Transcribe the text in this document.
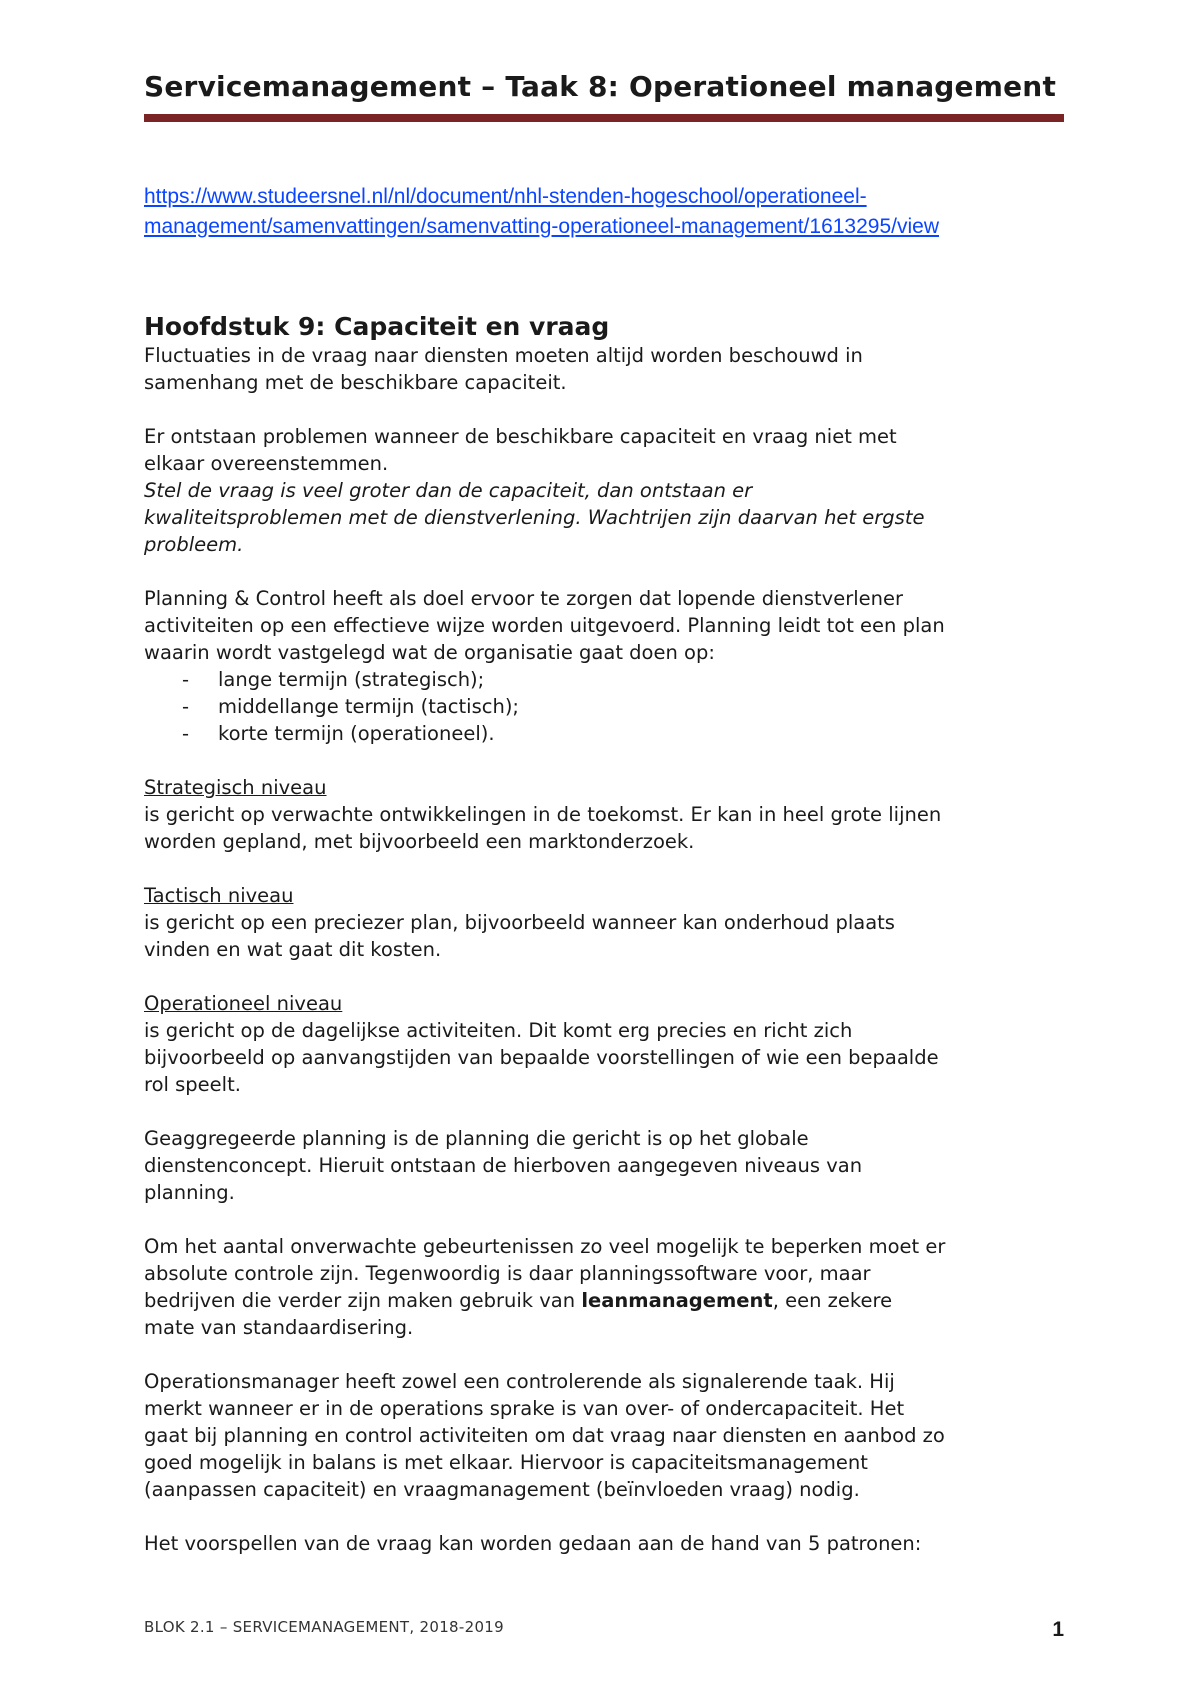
Servicemanagement – Taak 8: Operationeel management
https://www.studeersnel.nl/nl/document/nhl-stenden-hogeschool/operationeel-
management/samenvattingen/samenvatting-operationeel-management/1613295/view
Hoofdstuk 9: Capaciteit en vraag

Fluctuaties in de vraag naar diensten moeten altijd worden beschouwd in
samenhang met de beschikbare capaciteit.

Er ontstaan problemen wanneer de beschikbare capaciteit en vraag niet met
elkaar overeenstemmen.
Stel de vraag is veel groter dan de capaciteit, dan ontstaan er
kwaliteitsproblemen met de dienstverlening. Wachtrijen zijn daarvan het ergste
probleem.

Planning & Control heeft als doel ervoor te zorgen dat lopende dienstverlener
activiteiten op een effectieve wijze worden uitgevoerd. Planning leidt tot een plan
waarin wordt vastgelegd wat de organisatie gaat doen op:

- lange termijn (strategisch);
- middellange termijn (tactisch);
- korte termijn (operationeel).

Strategisch niveau
is gericht op verwachte ontwikkelingen in de toekomst. Er kan in heel grote lijnen
worden gepland, met bijvoorbeeld een marktonderzoek.

Tactisch niveau
is gericht op een preciezer plan, bijvoorbeeld wanneer kan onderhoud plaats
vinden en wat gaat dit kosten.

Operationeel niveau
is gericht op de dagelijkse activiteiten. Dit komt erg precies en richt zich
bijvoorbeeld op aanvangstijden van bepaalde voorstellingen of wie een bepaalde
rol speelt.

Geaggregeerde planning is de planning die gericht is op het globale
dienstenconcept. Hieruit ontstaan de hierboven aangegeven niveaus van
planning.

Om het aantal onverwachte gebeurtenissen zo veel mogelijk te beperken moet er
absolute controle zijn. Tegenwoordig is daar planningssoftware voor, maar
bedrijven die verder zijn maken gebruik van leanmanagement, een zekere
mate van standaardisering.

Operationsmanager heeft zowel een controlerende als signalerende taak. Hij
merkt wanneer er in de operations sprake is van over- of ondercapaciteit. Het
gaat bij planning en control activiteiten om dat vraag naar diensten en aanbod zo
goed mogelijk in balans is met elkaar. Hiervoor is capaciteitsmanagement
(aanpassen capaciteit) en vraagmanagement (beïnvloeden vraag) nodig.

Het voorspellen van de vraag kan worden gedaan aan de hand van 5 patronen:

BLOK 2.1 – SERVICEMANAGEMENT, 2018-2019	1
